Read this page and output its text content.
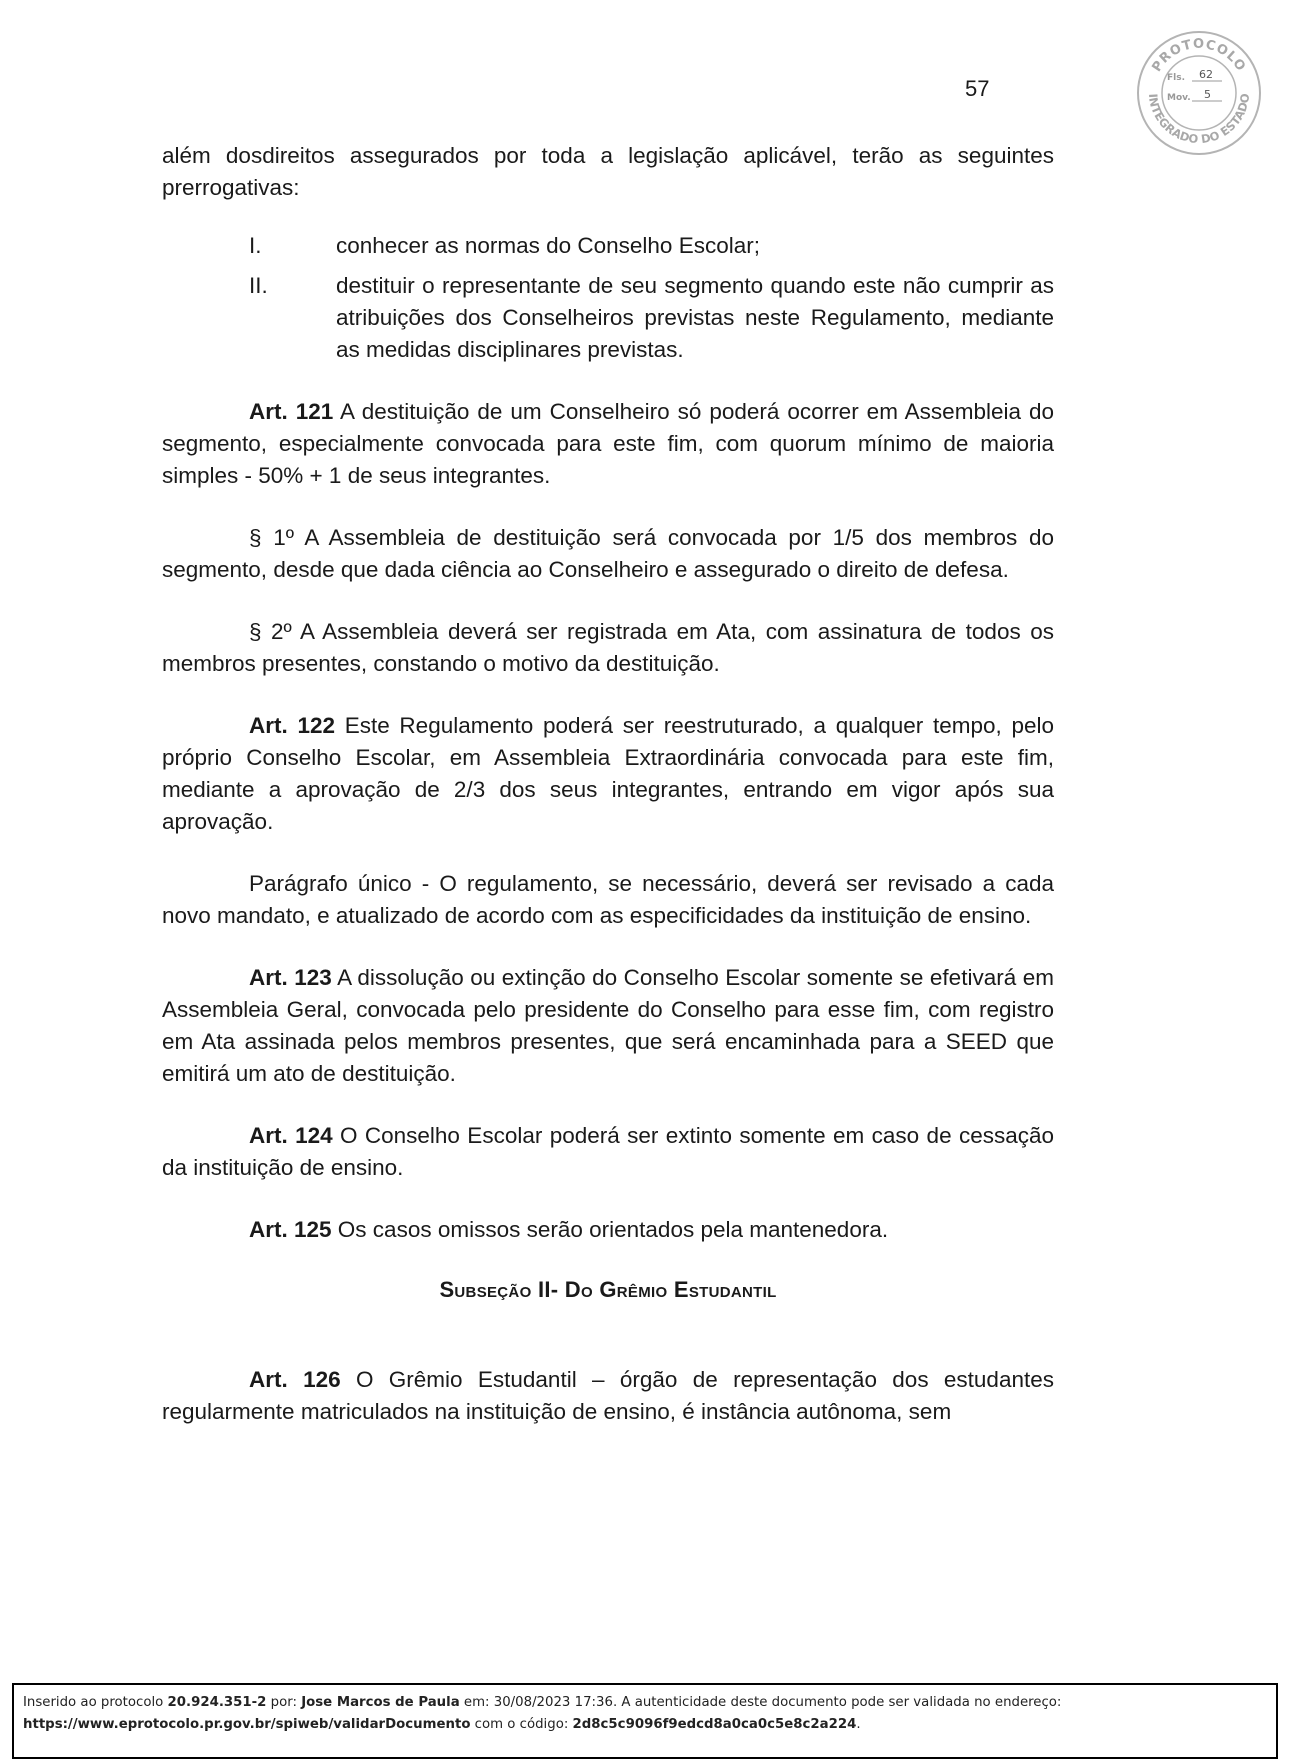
57
PROTOCOLO
INTEGRADO DO ESTADO
Fls. 62
Mov. 5

além dosdireitos assegurados por toda a legislação aplicável, terão as seguintes prerrogativas:

I.	conhecer as normas do Conselho Escolar;
II.	destituir o representante de seu segmento quando este não cumprir as atribuições dos Conselheiros previstas neste Regulamento, mediante as medidas disciplinares previstas.

Art. 121 A destituição de um Conselheiro só poderá ocorrer em Assembleia do segmento, especialmente convocada para este fim, com quorum mínimo de maioria simples - 50% + 1 de seus integrantes.

§ 1º A Assembleia de destituição será convocada por 1/5 dos membros do segmento, desde que dada ciência ao Conselheiro e assegurado o direito de defesa.

§ 2º A Assembleia deverá ser registrada em Ata, com assinatura de todos os membros presentes, constando o motivo da destituição.

Art. 122 Este Regulamento poderá ser reestruturado, a qualquer tempo, pelo próprio Conselho Escolar, em Assembleia Extraordinária convocada para este fim, mediante a aprovação de 2/3 dos seus integrantes, entrando em vigor após sua aprovação.

Parágrafo único - O regulamento, se necessário, deverá ser revisado a cada novo mandato, e atualizado de acordo com as especificidades da instituição de ensino.

Art. 123 A dissolução ou extinção do Conselho Escolar somente se efetivará em Assembleia Geral, convocada pelo presidente do Conselho para esse fim, com registro em Ata assinada pelos membros presentes, que será encaminhada para a SEED que emitirá um ato de destituição.

Art. 124 O Conselho Escolar poderá ser extinto somente em caso de cessação da instituição de ensino.

Art. 125 Os casos omissos serão orientados pela mantenedora.

Subseção II- Do Grêmio Estudantil

Art. 126 O Grêmio Estudantil – órgão de representação dos estudantes regularmente matriculados na instituição de ensino, é instância autônoma, sem

Inserido ao protocolo 20.924.351-2 por: Jose Marcos de Paula em: 30/08/2023 17:36. A autenticidade deste documento pode ser validada no endereço:
https://www.eprotocolo.pr.gov.br/spiweb/validarDocumento com o código: 2d8c5c9096f9edcd8a0ca0c5e8c2a224.
